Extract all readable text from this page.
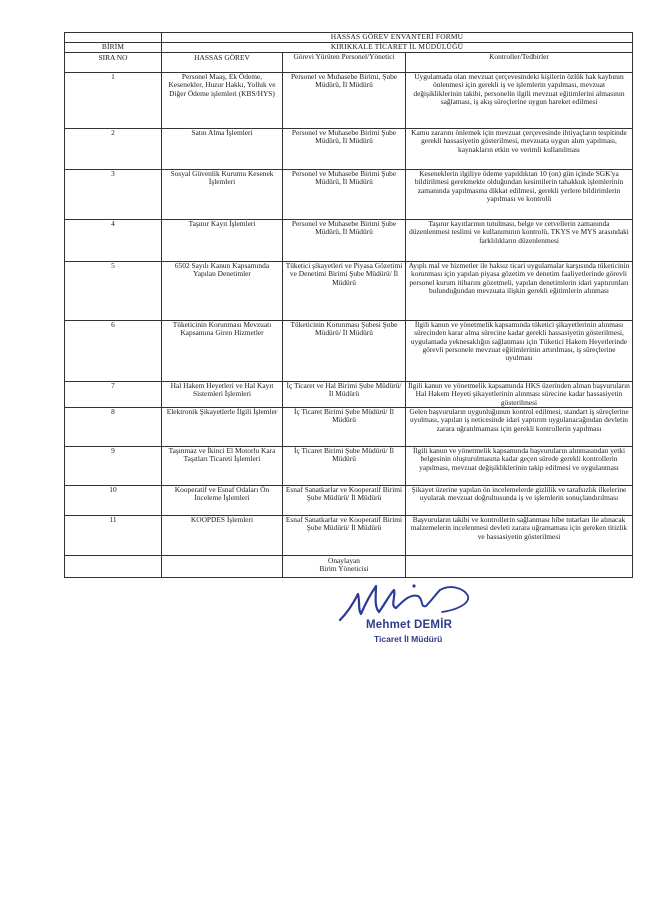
	HASSAS GÖREV ENVANTERİ FORMU		
BİRİM	KIRIKKALE TİCARET İL MÜDÜLÜĞÜ		
SIRA NO	HASSAS GÖREV	Görevi Yürüten Personel/Yönetici	Kontroller/Tedbirler
1	Personel Maaş, Ek Ödeme, Kesenekler, Huzur Hakkı, Yolluk ve Diğer Ödeme işlemleri (KBS/HYS)	Personel ve Muhasebe Birimi, Şube Müdürü, İl Müdürü	Uygulamada olan mevzuat çerçevesindeki kişilerin özlük hak kaybının önlenmesi için gerekli iş ve işlemlerin yapılması, mevzuat değişikliklerinin takibi, personelin ilgili mevzuat eğitimlerini almasının sağlaması, iş akış süreçlerine uygun hareket edilmesi
2	Satın Alma İşlemleri	Personel ve Muhasebe Birimi Şube Müdürü, İl Müdürü	Kamu zararını önlemek için mevzuat çerçevesinde ihtiyaçların tespitinde gerekli hassasiyetin gösterilmesi, mevzuata uygun alım yapılması, kaynakların etkin ve verimli kullanılması
3	Sosyal Güvenlik Kurumu Kesenek İşlemleri	Personel ve Muhasebe Birimi Şube Müdürü, İl Müdürü	Keseneklerin ilgiliye ödeme yapıldıktan 10 (on) gün içinde SGK'ya bildirilmesi gerekmekte olduğundan kesintilerin tahakkuk işlemlerinin zamanında yapılmasına dikkat edilmesi, gerekli yerlere bildirimlerin yapılması ve kontrolü
4	Taşınır Kayıt İşlemleri	Personel ve Muhasebe Birimi Şube Müdürü, İl Müdürü	Taşınır kayıtlarının tutulması, belge ve cetvellerin zamanında düzenlenmesi teslimi ve kullanımının kontrolü, TKYS ve MYS arasındaki farklılıkların düzenlenmesi
5	6502 Sayılı Kanun Kapsamında Yapılan Denetimler	Tüketici şikayetleri ve Piyasa Gözetimi ve Denetimi Birimi Şube Müdürü/ İl Müdürü	Ayıplı mal ve hizmetler ile haksız ticari uygulamalar karşısında tüketicinin korunması için yapılan piyasa gözetim ve denetim faaliyetlerinde görevli personel kurum itibarını gözetmeli, yapılan denetimlerin idari yaptırımları bulunduğundan mevzuata ilişkin gerekli eğitimlerin alınması
6	Tüketicinin Korunması Mevzuatı Kapsamına Giren Hizmetler	Tüketicinin Korunması Şubesi Şube Müdürü/ İl Müdürü	İlgili kanun ve yönetmelik kapsamında tüketici şikayetlerinin alınması sürecinden karar alma sürecine kadar gerekli hassasiyetin gösterilmesi, uygulamada yeknesaklığın sağlanması için Tüketici Hakem Heyetlerinde görevli personele mevzuat eğitimlerinin artırılması, iş süreçlerine uyulması
7	Hal Hakem Heyetleri ve Hal Kayıt Sistemleri İşlemleri	İç Ticaret ve Hal Birimi Şube Müdürü/ İl Müdürü	İlgili kanun ve yönetmelik kapsamında HKS üzerinden alınan başvuruların Hal Hakem Heyeti şikayetlerinin alınması sürecine kadar hassasiyetin gösterilmesi
8	Elektronik Şikayetlerle İlgili İşlemler	İç Ticaret Birimi Şube Müdürü/ İl Müdürü	Gelen başvuruların uygunluğunun kontrol edilmesi, standart iş süreçlerine uyulması, yapılan iş neticesinde idari yaptırım uygulanacağından devletin zarara uğratılmaması için gerekli kontrollerin yapılması
9	Taşınmaz ve İkinci El Motorlu Kara Taşıtları Ticareti İşlemleri	İç Ticaret Birimi Şube Müdürü/ İl Müdürü	İlgili kanun ve yönetmelik kapsamında başvuruların alınmasından yetki belgesinin oluşturulmasına kadar geçen sürede gerekli kontrollerin yapılması, mevzuat değişikliklerinin takip edilmesi ve uygulanması
10	Kooperatif ve Esnaf Odaları Ön İnceleme İşlemleri	Esnaf Sanatkarlar ve Kooperatif Birimi Şube Müdürü/ İl Müdürü	Şikayet üzerine yapılan ön incelemelerde gizlilik ve tarafsızlık ilkelerine uyularak mevzuat doğrultusunda iş ve işlemlerin sonuçlandırılması
11	KOOPDES İşlemleri	Esnaf Sanatkarlar ve Kooperatif Birimi Şube Müdürü/ İl Müdürü	Başvuruların takibi ve kontrollerin sağlanması hibe tutarları ile alınacak malzemelerin incelenmesi devleti zarara uğramaması için gereken titizlik ve hassasiyetin gösterilmesi

		Onaylayan
Birim Yöneticisi	

Mehmet DEMİR
Ticaret İl Müdürü
